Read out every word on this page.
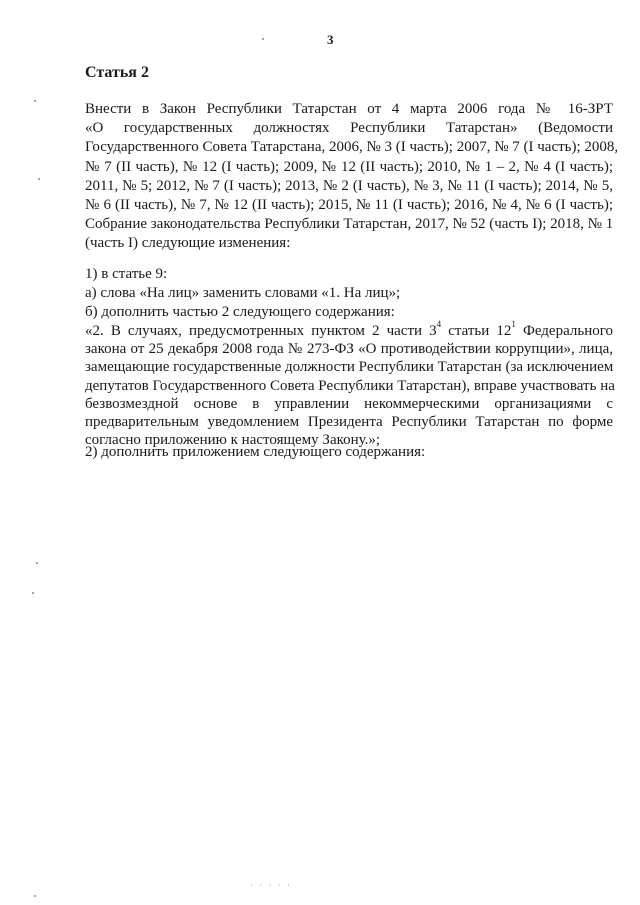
3
Статья 2
Внести в Закон Республики Татарстан от 4 марта 2006 года № 16-ЗРТ
«О государственных должностях Республики Татарстан» (Ведомости
Государственного Совета Татарстана, 2006, № 3 (I часть); 2007, № 7 (I часть); 2008,
№ 7 (II часть), № 12 (I часть); 2009, № 12 (II часть); 2010, № 1 – 2, № 4 (I часть);
2011, № 5; 2012, № 7 (I часть); 2013, № 2 (I часть), № 3, № 11 (I часть); 2014, № 5,
№ 6 (II часть), № 7, № 12 (II часть); 2015, № 11 (I часть); 2016, № 4, № 6 (I часть);
Собрание законодательства Республики Татарстан, 2017, № 52 (часть I); 2018, № 1
(часть I) следующие изменения:
1) в статье 9:
а) слова «На лиц» заменить словами «1. На лиц»;
б) дополнить частью 2 следующего содержания:
«2. В случаях, предусмотренных пунктом 2 части $3^4$ статьи $12^1$ Федерального
закона от 25 декабря 2008 года № 273-ФЗ «О противодействии коррупции», лица,
замещающие государственные должности Республики Татарстан (за исключением
депутатов Государственного Совета Республики Татарстан), вправе участвовать на
безвозмездной основе в управлении некоммерческими организациями с
предварительным уведомлением Президента Республики Татарстан по форме
согласно приложению к настоящему Закону.»;
2) дополнить приложением следующего содержания:
· · · · ·
